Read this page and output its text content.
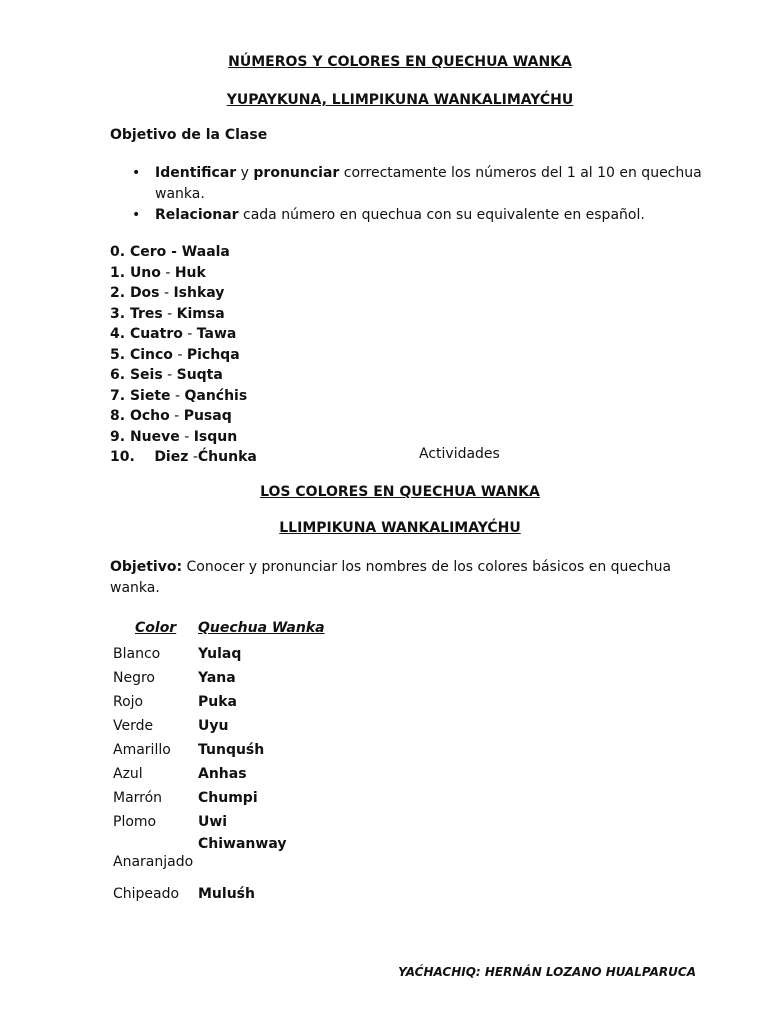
NÚMEROS Y COLORES EN QUECHUA WANKA
YUPAYKUNA, LLIMPIKUNA WANKALIMAYĆHU
Objetivo de la Clase
• Identificar y pronunciar correctamente los números del 1 al 10 en quechua wanka.
• Relacionar cada número en quechua con su equivalente en español.
0. Cero - Waala
1. Uno - Huk
2. Dos - Ishkay
3. Tres - Kimsa
4. Cuatro - Tawa
5. Cinco - Pichqa
6. Seis - Suqta
7. Siete - Qanćhis
8. Ocho - Pusaq
9. Nueve - Isqun
10. Diez -Ćhunka	Actividades
LOS COLORES EN QUECHUA WANKA
LLIMPIKUNA WANKALIMAYĆHU
Objetivo: Conocer y pronunciar los nombres de los colores básicos en quechua wanka.
Color	Quechua Wanka
Blanco	Yulaq
Negro	Yana
Rojo	Puka
Verde	Uyu
Amarillo	Tunquśh
Azul	Anhas
Marrón	Chumpi
Plomo	Uwi
Anaranjado	Chiwanway
Chipeado	Muluśh
YAĆHACHIQ: HERNÁN LOZANO HUALPARUCA
